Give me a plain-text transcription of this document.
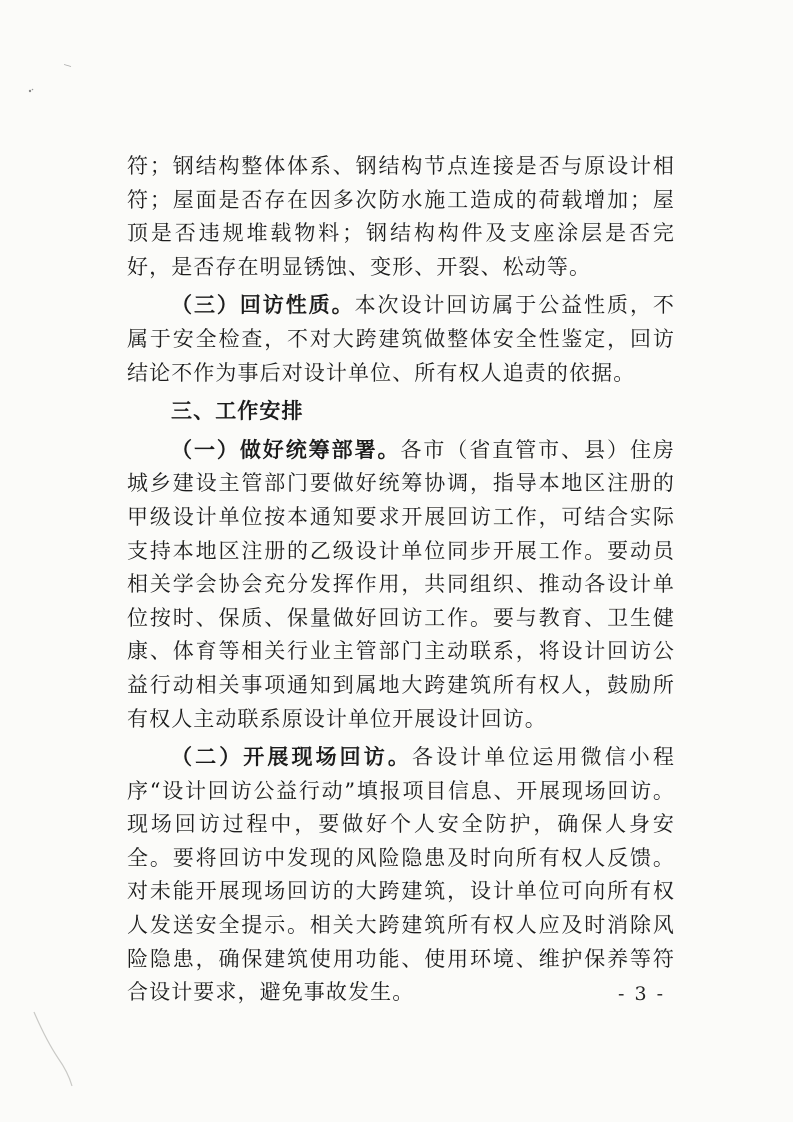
符；钢结构整体体系、钢结构节点连接是否与原设计相符；屋面是否存在因多次防水施工造成的荷载增加；屋顶是否违规堆载物料；钢结构构件及支座涂层是否完好，是否存在明显锈蚀、变形、开裂、松动等。

（三）回访性质。本次设计回访属于公益性质，不属于安全检查，不对大跨建筑做整体安全性鉴定，回访结论不作为事后对设计单位、所有权人追责的依据。

三、工作安排

（一）做好统筹部署。各市（省直管市、县）住房城乡建设主管部门要做好统筹协调，指导本地区注册的甲级设计单位按本通知要求开展回访工作，可结合实际支持本地区注册的乙级设计单位同步开展工作。要动员相关学会协会充分发挥作用，共同组织、推动各设计单位按时、保质、保量做好回访工作。要与教育、卫生健康、体育等相关行业主管部门主动联系，将设计回访公益行动相关事项通知到属地大跨建筑所有权人，鼓励所有权人主动联系原设计单位开展设计回访。

（二）开展现场回访。各设计单位运用微信小程序“设计回访公益行动”填报项目信息、开展现场回访。现场回访过程中，要做好个人安全防护，确保人身安全。要将回访中发现的风险隐患及时向所有权人反馈。对未能开展现场回访的大跨建筑，设计单位可向所有权人发送安全提示。相关大跨建筑所有权人应及时消除风险隐患，确保建筑使用功能、使用环境、维护保养等符合设计要求，避免事故发生。	- 3 -
